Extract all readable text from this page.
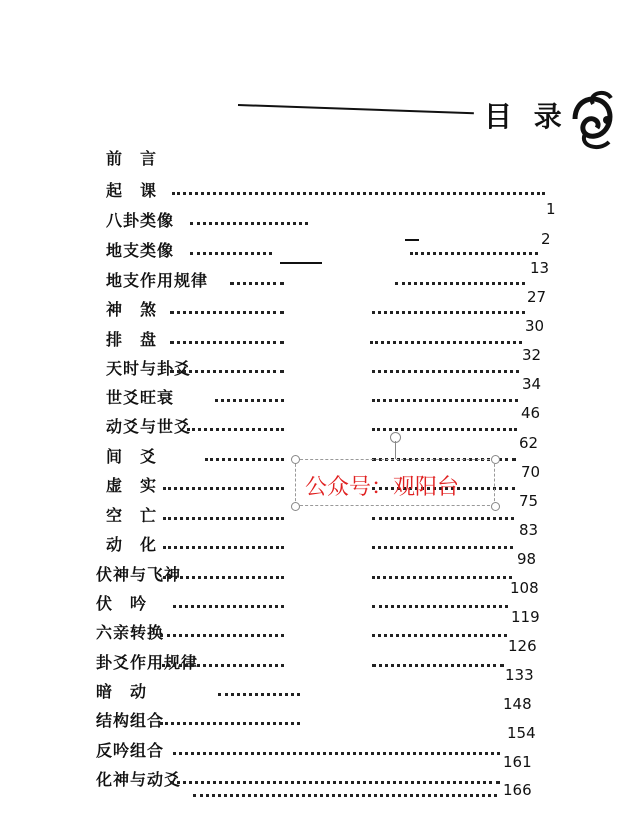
目 录
前　言
起　课
八卦类像
地支类像
地支作用规律
神　煞
排　盘
天时与卦爻
世爻旺衰
动爻与世爻
间　爻
虚　实
空　亡
动　化
伏神与飞神
伏　吟
六亲转换
卦爻作用规律
暗　动
结构组合
反吟组合
化神与动爻
1
2
13
27
30
32
34
46
62
70
75
83
98
108
119
126
133
148
154
161
166
公众号：观阳台
